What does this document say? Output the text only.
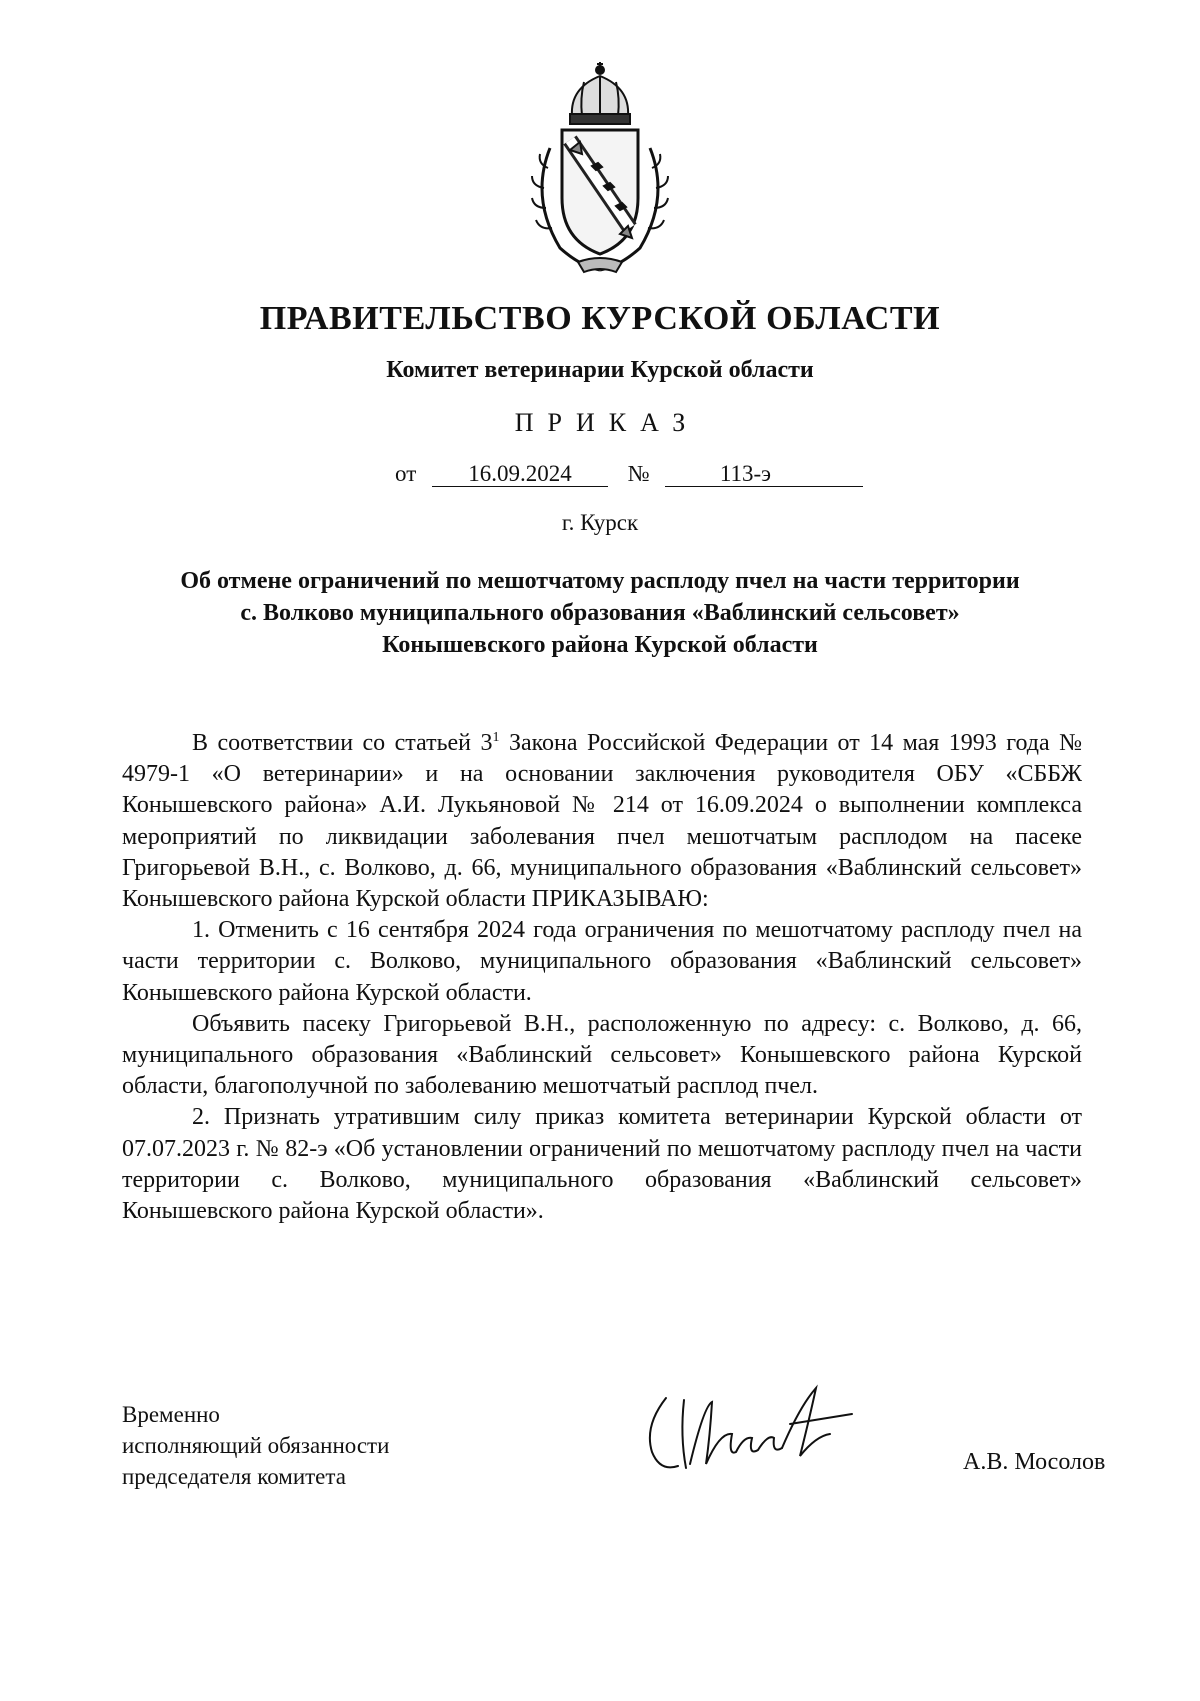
ПРАВИТЕЛЬСТВО КУРСКОЙ ОБЛАСТИ
Комитет ветеринарии Курской области
ПРИКАЗ
от 16.09.2024 №	113-э
г. Курск
Об отмене ограничений по мешотчатому расплоду пчел на части территории
с. Волково муниципального образования «Ваблинский сельсовет»
Конышевского района Курской области

В соответствии со статьей $3^1$ Закона Российской Федерации от 14 мая 1993 года № 4979-1 «О ветеринарии» и на основании заключения руководителя ОБУ «СББЖ Конышевского района» А.И. Лукьяновой № 214 от 16.09.2024 о выполнении комплекса мероприятий по ликвидации заболевания пчел мешотчатым расплодом на пасеке Григорьевой В.Н., с. Волково, д. 66, муниципального образования «Ваблинский сельсовет» Конышевского района Курской области ПРИКАЗЫВАЮ:

1. Отменить с 16 сентября 2024 года ограничения по мешотчатому расплоду пчел на части территории с. Волково, муниципального образования «Ваблинский сельсовет» Конышевского района Курской области.

Объявить пасеку Григорьевой В.Н., расположенную по адресу: с. Волково, д. 66, муниципального образования «Ваблинский сельсовет» Конышевского района Курской области, благополучной по заболеванию мешотчатый расплод пчел.

2. Признать утратившим силу приказ комитета ветеринарии Курской области от 07.07.2023 г. № 82-э «Об установлении ограничений по мешотчатому расплоду пчел на части территории с. Волково, муниципального образования «Ваблинский сельсовет» Конышевского района Курской области».

Временно
исполняющий обязанности
председателя комитета
А.В. Мосолов
